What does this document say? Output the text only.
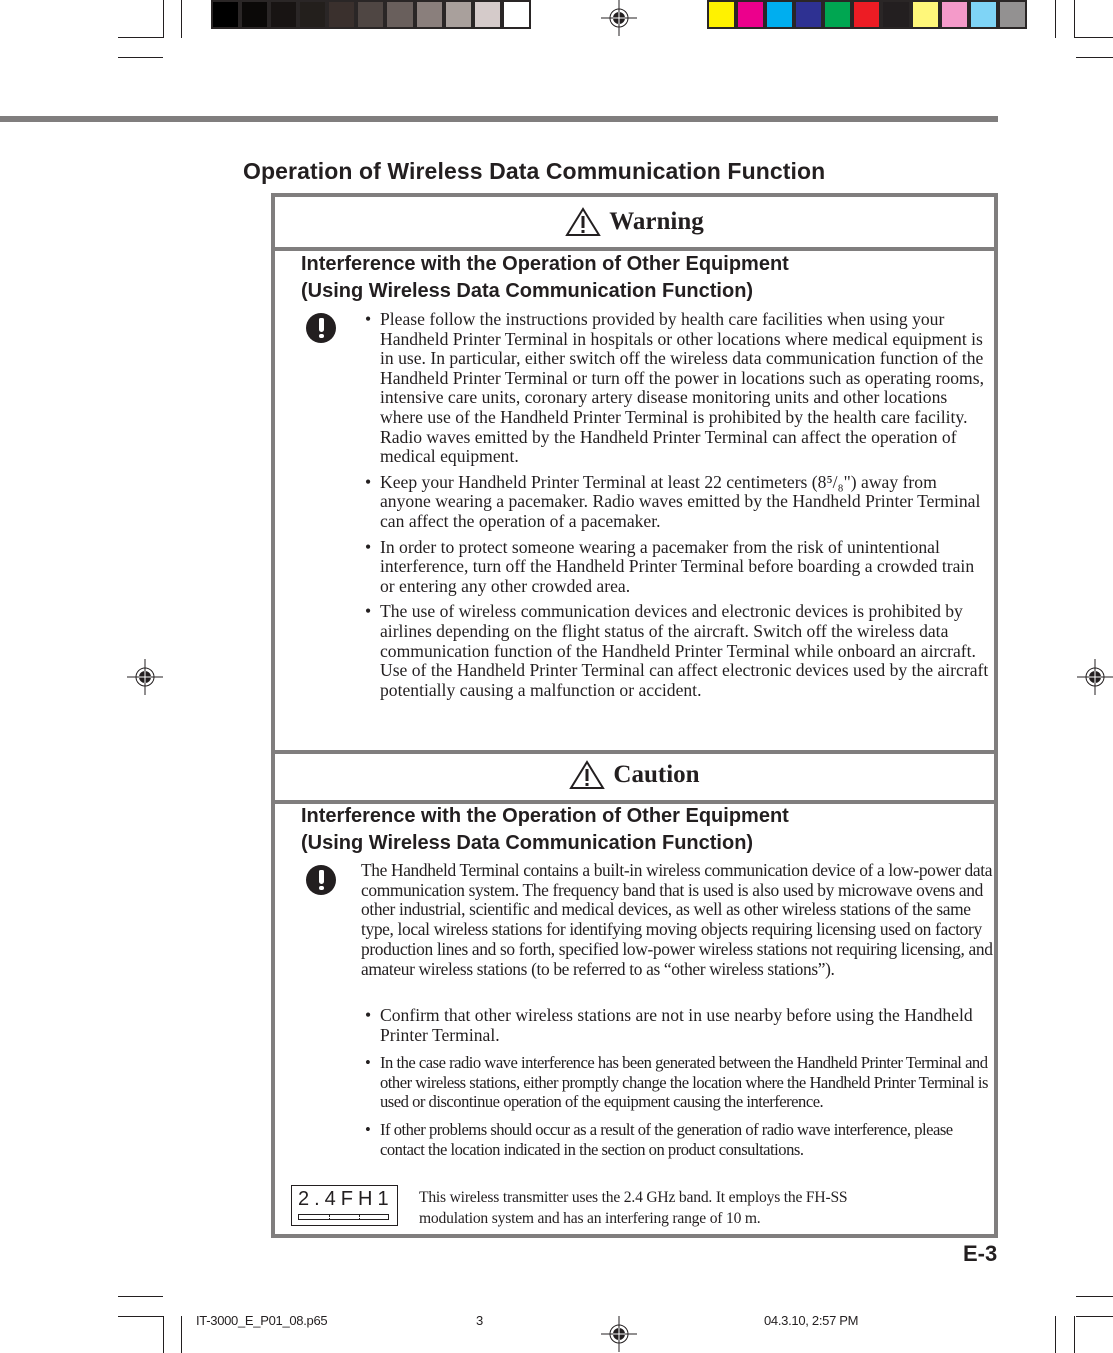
Operation of Wireless Data Communication Function
Warning
Interference with the Operation of Other Equipment
(Using Wireless Data Communication Function)
• Please follow the instructions provided by health care facilities when using your Handheld Printer Terminal in hospitals or other locations where medical equipment is in use. In particular, either switch off the wireless data communication function of the Handheld Printer Terminal or turn off the power in locations such as operating rooms, intensive care units, coronary artery disease monitoring units and other locations where use of the Handheld Printer Terminal is prohibited by the health care facility. Radio waves emitted by the Handheld Printer Terminal can affect the operation of medical equipment.
• Keep your Handheld Printer Terminal at least 22 centimeters (8⁵/₈") away from anyone wearing a pacemaker. Radio waves emitted by the Handheld Printer Terminal can affect the operation of a pacemaker.
• In order to protect someone wearing a pacemaker from the risk of unintentional interference, turn off the Handheld Printer Terminal before boarding a crowded train or entering any other crowded area.
• The use of wireless communication devices and electronic devices is prohibited by airlines depending on the flight status of the aircraft. Switch off the wireless data communication function of the Handheld Printer Terminal while onboard an aircraft. Use of the Handheld Printer Terminal can affect electronic devices used by the aircraft potentially causing a malfunction or accident.
Caution
Interference with the Operation of Other Equipment
(Using Wireless Data Communication Function)
The Handheld Terminal contains a built-in wireless communication device of a low-power data communication system. The frequency band that is used is also used by microwave ovens and other industrial, scientific and medical devices, as well as other wireless stations of the same type, local wireless stations for identifying moving objects requiring licensing used on factory production lines and so forth, specified low-power wireless stations not requiring licensing, and amateur wireless stations (to be referred to as “other wireless stations”).
• Confirm that other wireless stations are not in use nearby before using the Handheld Printer Terminal.
• In the case radio wave interference has been generated between the Handheld Printer Terminal and other wireless stations, either promptly change the location where the Handheld Printer Terminal is used or discontinue operation of the equipment causing the interference.
• If other problems should occur as a result of the generation of radio wave interference, please contact the location indicated in the section on product consultations.
2.4FH1 This wireless transmitter uses the 2.4 GHz band. It employs the FH-SS
modulation system and has an interfering range of 10 m.
E-3
IT-3000_E_P01_08.p65	3	04.3.10, 2:57 PM
